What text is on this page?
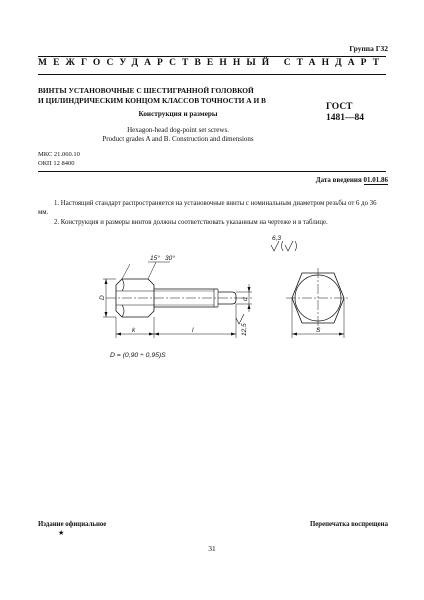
Группа Г32
МЕЖГОСУДАРСТВЕННЫЙ СТАНДАРТ
ВИНТЫ УСТАНОВОЧНЫЕ С ШЕСТИГРАННОЙ ГОЛОВКОЙ
И ЦИЛИНДРИЧЕСКИМ КОНЦОМ КЛАССОВ ТОЧНОСТИ А И В
ГОСТ
1481—84
Конструкция и размеры
Hexagon-head dog-point set screws.
Product grades A and B. Construction and dimensions
МКС 21.060.10
ОКП 12 8400
Дата введения 01.01.86
1. Настоящий стандарт распространяется на установочные винты с номинальным диаметром резьбы от 6 до 36 мм.
2. Конструкция и размеры винтов должны соответствовать указанным на чертеже и в таблице.
15° 30°
D	d
k	l	12,5	S
6,3
D = (0,90 ÷ 0,95)S
Издание официальное	Перепечатка воспрещена
★
31
